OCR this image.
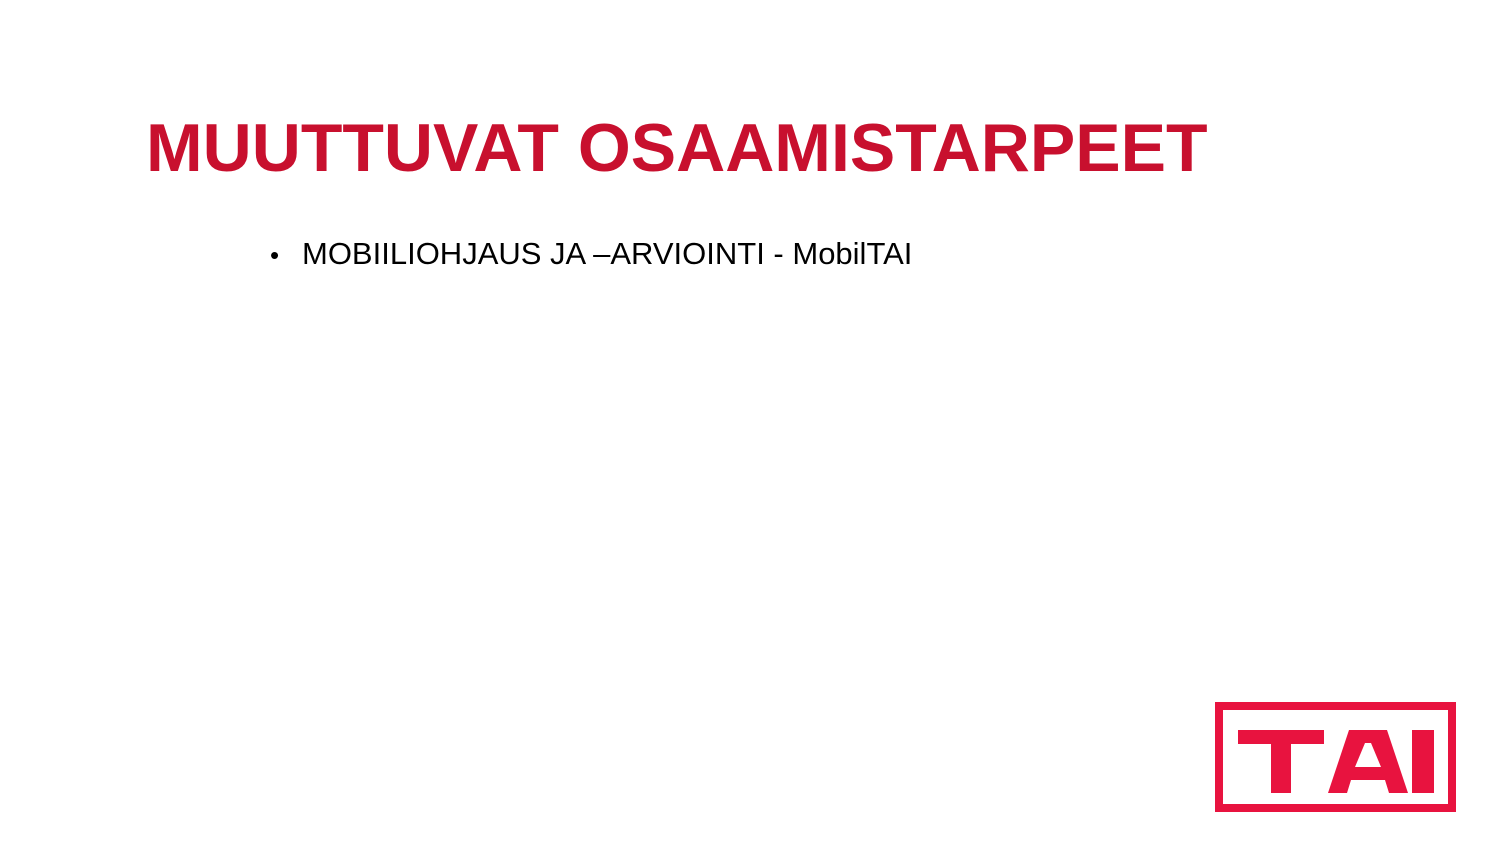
MUUTTUVAT OSAAMISTARPEET
• MOBIILIOHJAUS JA –ARVIOINTI - MobilTAI
